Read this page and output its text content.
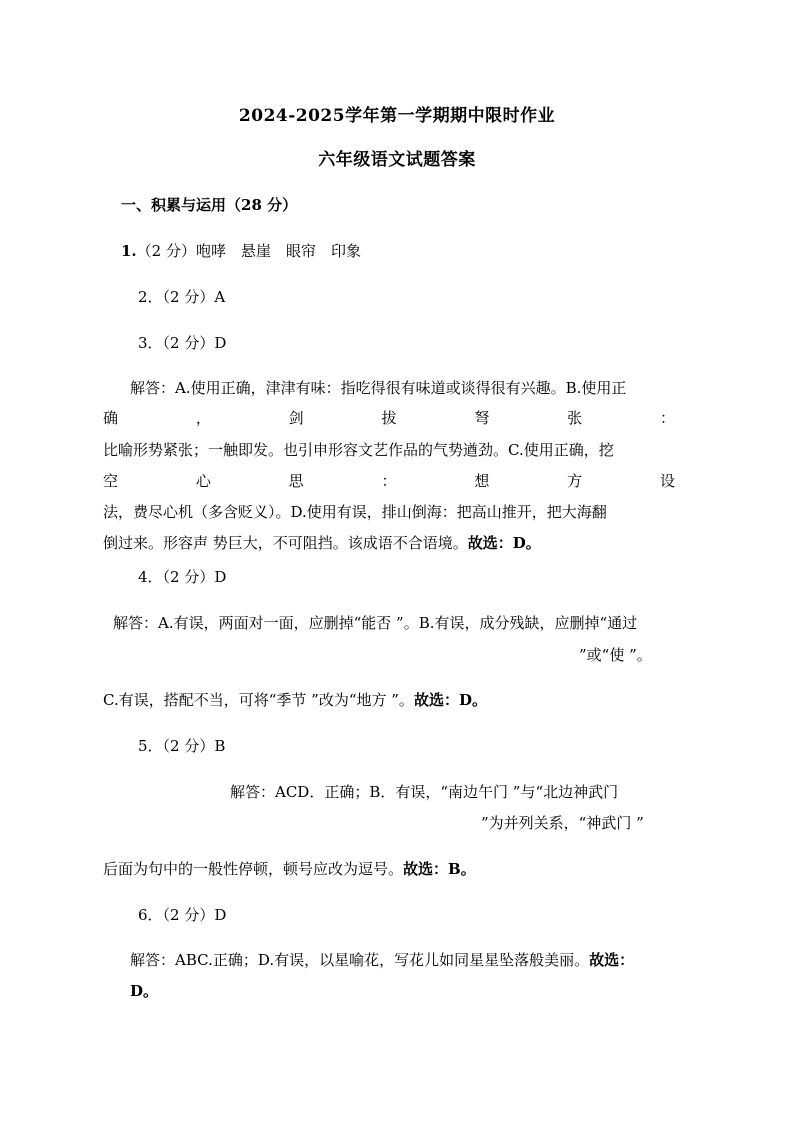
2024-2025学年第一学期期中限时作业
六年级语文试题答案
一、积累与运用（28 分）
1.（2 分）咆哮　悬崖　眼帘　印象
2．（2 分）A
3．（2 分）D
解答：A.使用正确，津津有味：指吃得很有味道或谈得很有兴趣。B.使用正
确	，	剑	拔	弩	张	：
比喻形势紧张；一触即发。也引申形容文艺作品的气势遒劲。C.使用正确，挖
空	心	思	：	想	方	设
法，费尽心机（多含贬义）。D.使用有误，排山倒海：把高山推开，把大海翻
倒过来。形容声 势巨大，不可阻挡。该成语不合语境。故选：D。
4．（2 分）D
解答：A.有误，两面对一面，应删掉“能否 ”。B.有误，成分残缺，应删掉“通过
”或“使 ”。
C.有误，搭配不当，可将“季节 ”改为“地方 ”。故选：D。
5．（2 分）B
解答：ACD．正确；B．有误，“南边午门 ”与“北边神武门
”为并列关系，“神武门 ”
后面为句中的一般性停顿，顿号应改为逗号。故选：B。
6．（2 分）D
解答：ABC.正确；D.有误，以星喻花，写花儿如同星星坠落般美丽。故选：
D。
